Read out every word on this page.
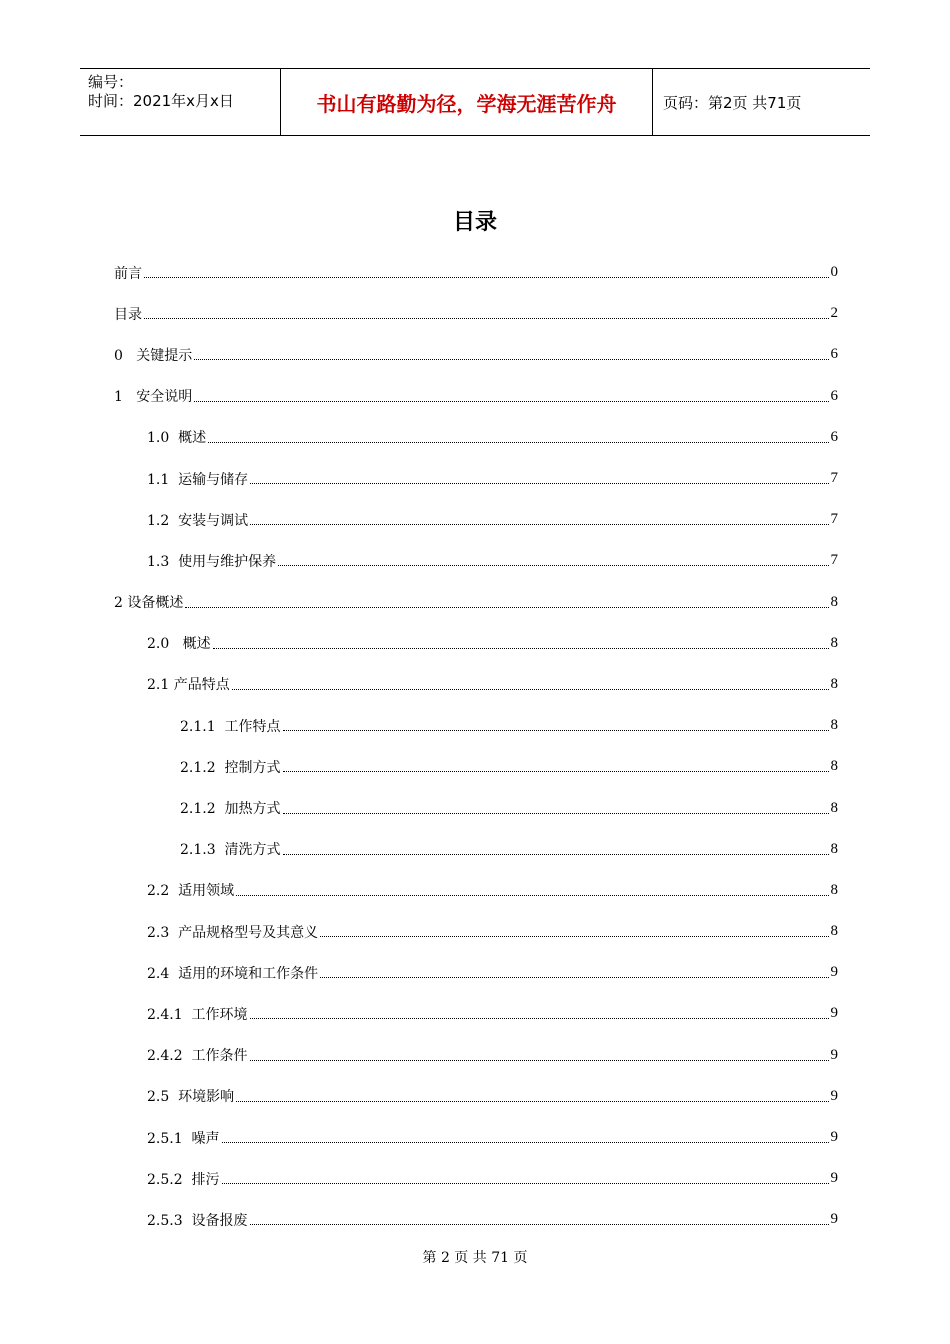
编号：
时间：2021年x月x日	书山有路勤为径，学海无涯苦作舟	页码：第2页 共71页
目录
前言	0
目录	2
0   关键提示	6
1   安全说明	6
1.0  概述	6
1.1  运输与储存	7
1.2  安装与调试	7
1.3  使用与维护保养	7
2 设备概述	8
2.0   概述	8
2.1 产品特点	8
2.1.1  工作特点	8
2.1.2  控制方式	8
2.1.2  加热方式	8
2.1.3  清洗方式	8
2.2  适用领域	8
2.3  产品规格型号及其意义	8
2.4  适用的环境和工作条件	9
2.4.1  工作环境	9
2.4.2  工作条件	9
2.5  环境影响	9
2.5.1  噪声	9
2.5.2  排污	9
2.5.3  设备报废	9
第 2 页 共 71 页
